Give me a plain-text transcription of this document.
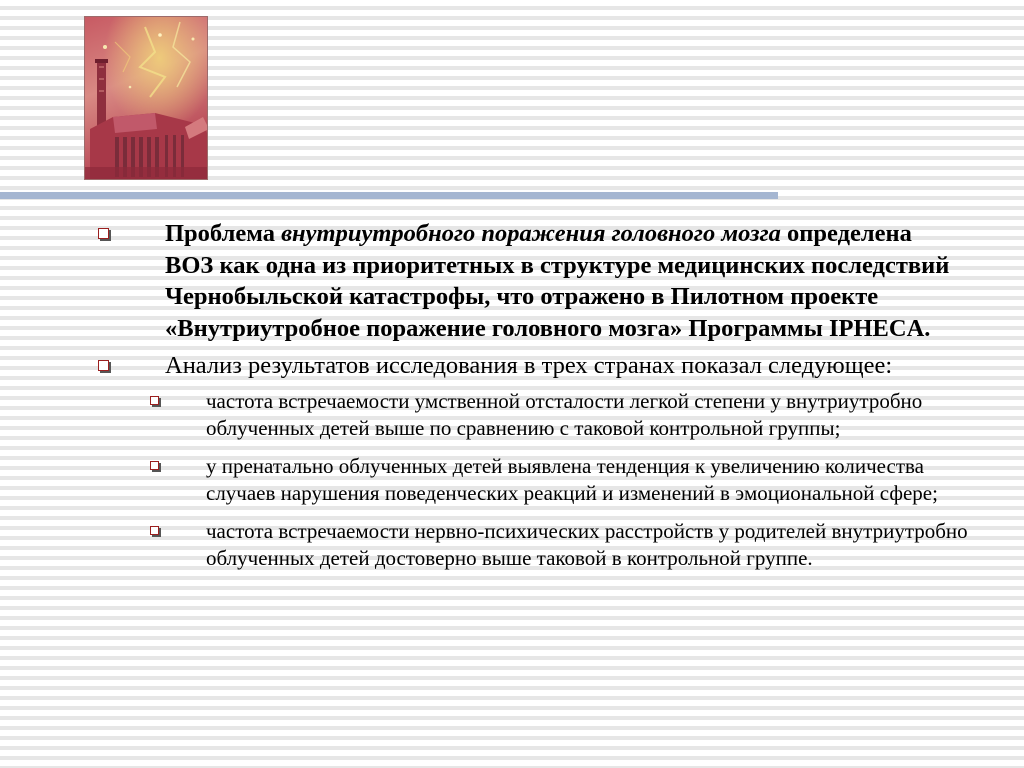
Проблема внутриутробного поражения головного мозга определена ВОЗ как одна из приоритетных в структуре медицинских последствий Чернобыльской катастрофы, что отражено в Пилотном проекте «Внутриутробное поражение головного мозга» Программы IPHECA.
Анализ результатов исследования в трех странах показал следующее:
частота встречаемости умственной отсталости легкой степени у внутриутробно облученных детей выше по сравнению с таковой контрольной группы;
у пренатально облученных детей выявлена тенденция к увеличению количества случаев нарушения поведенческих реакций и изменений в эмоциональной сфере;
частота встречаемости нервно-психических расстройств у родителей внутриутробно облученных детей достоверно выше таковой в контрольной группе.
